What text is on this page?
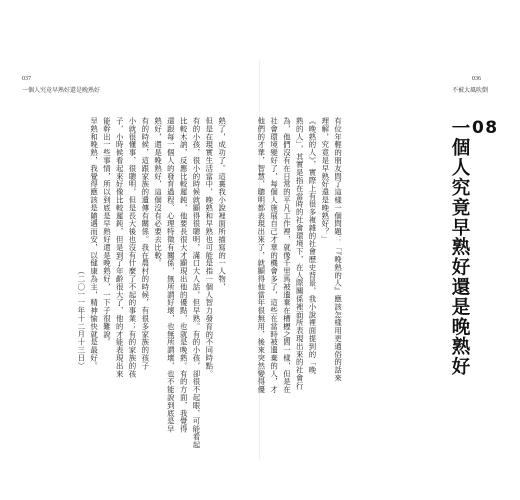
037
一個人究竟早熟好還是晚熟好
036
不被大風吹倒
08
一個人究竟早熟好還是晚熟好
有位年輕的朋友問了這樣一個問題：「『晚熟的人』應該怎樣用更通俗的話來
理解，究竟是早熟好還是晚熟好？」
《晚熟的人》，實際上有很多複雜的社會歷史背景，我小說裡面提到的「晚
熟的人」，其實是指在當時的社會環境下，在人際關係裡面所表現出來的社會行
為，他們沒有在日常的平凡工作裡，就像千里馬被遺棄在槽櫪之間一樣，但是在
社會環境變好了，每個人施展自己才華的機會多了，這些在當時被遺棄的人，才
他們的才華，智慧，聰明都表現出來了，就顯得他當年很無用，後來突然變得優
熟了，成功了。這裏我小說裡面所描寫的一人物，
但是在現實生活當中，晚熟和早熟也可能是指一個人智力發育的不同時點。
有的小孩，很小的時候就顯得很聰明，滿口大人話，但早熟。有的小孩，卻很不起眼，可能看起
比較木訥，反應比較遲鈍，他要長很大才顯現出他的優點，也就是晚熟。有的方面，我覺得
還跟每一個人的發育過程、心理特徵有關係，無所謂好壞，也無所謂壞，也不能說到底是早
熟好，還是晚熟好，這個沒有必要去比較。
有的時候，這跟家族的遺傳有關係。我在農村的時候，有很多家族的孩子
小就很懂事，很聰明，但是長大後也沒有什麼了不起的事業；有的家族的孩
子，小時候看起來好像比較遲鈍，但是到了年齡很大了，他的才能表現出來
能幹出一些事情，所以到底是早熟好還是晚熟好，一下子很難說。
早熟和晚熟，我覺得應該是隨遇而安，以健康為主，精神愉快就是最好。
（二〇一一年十二月十三日）
